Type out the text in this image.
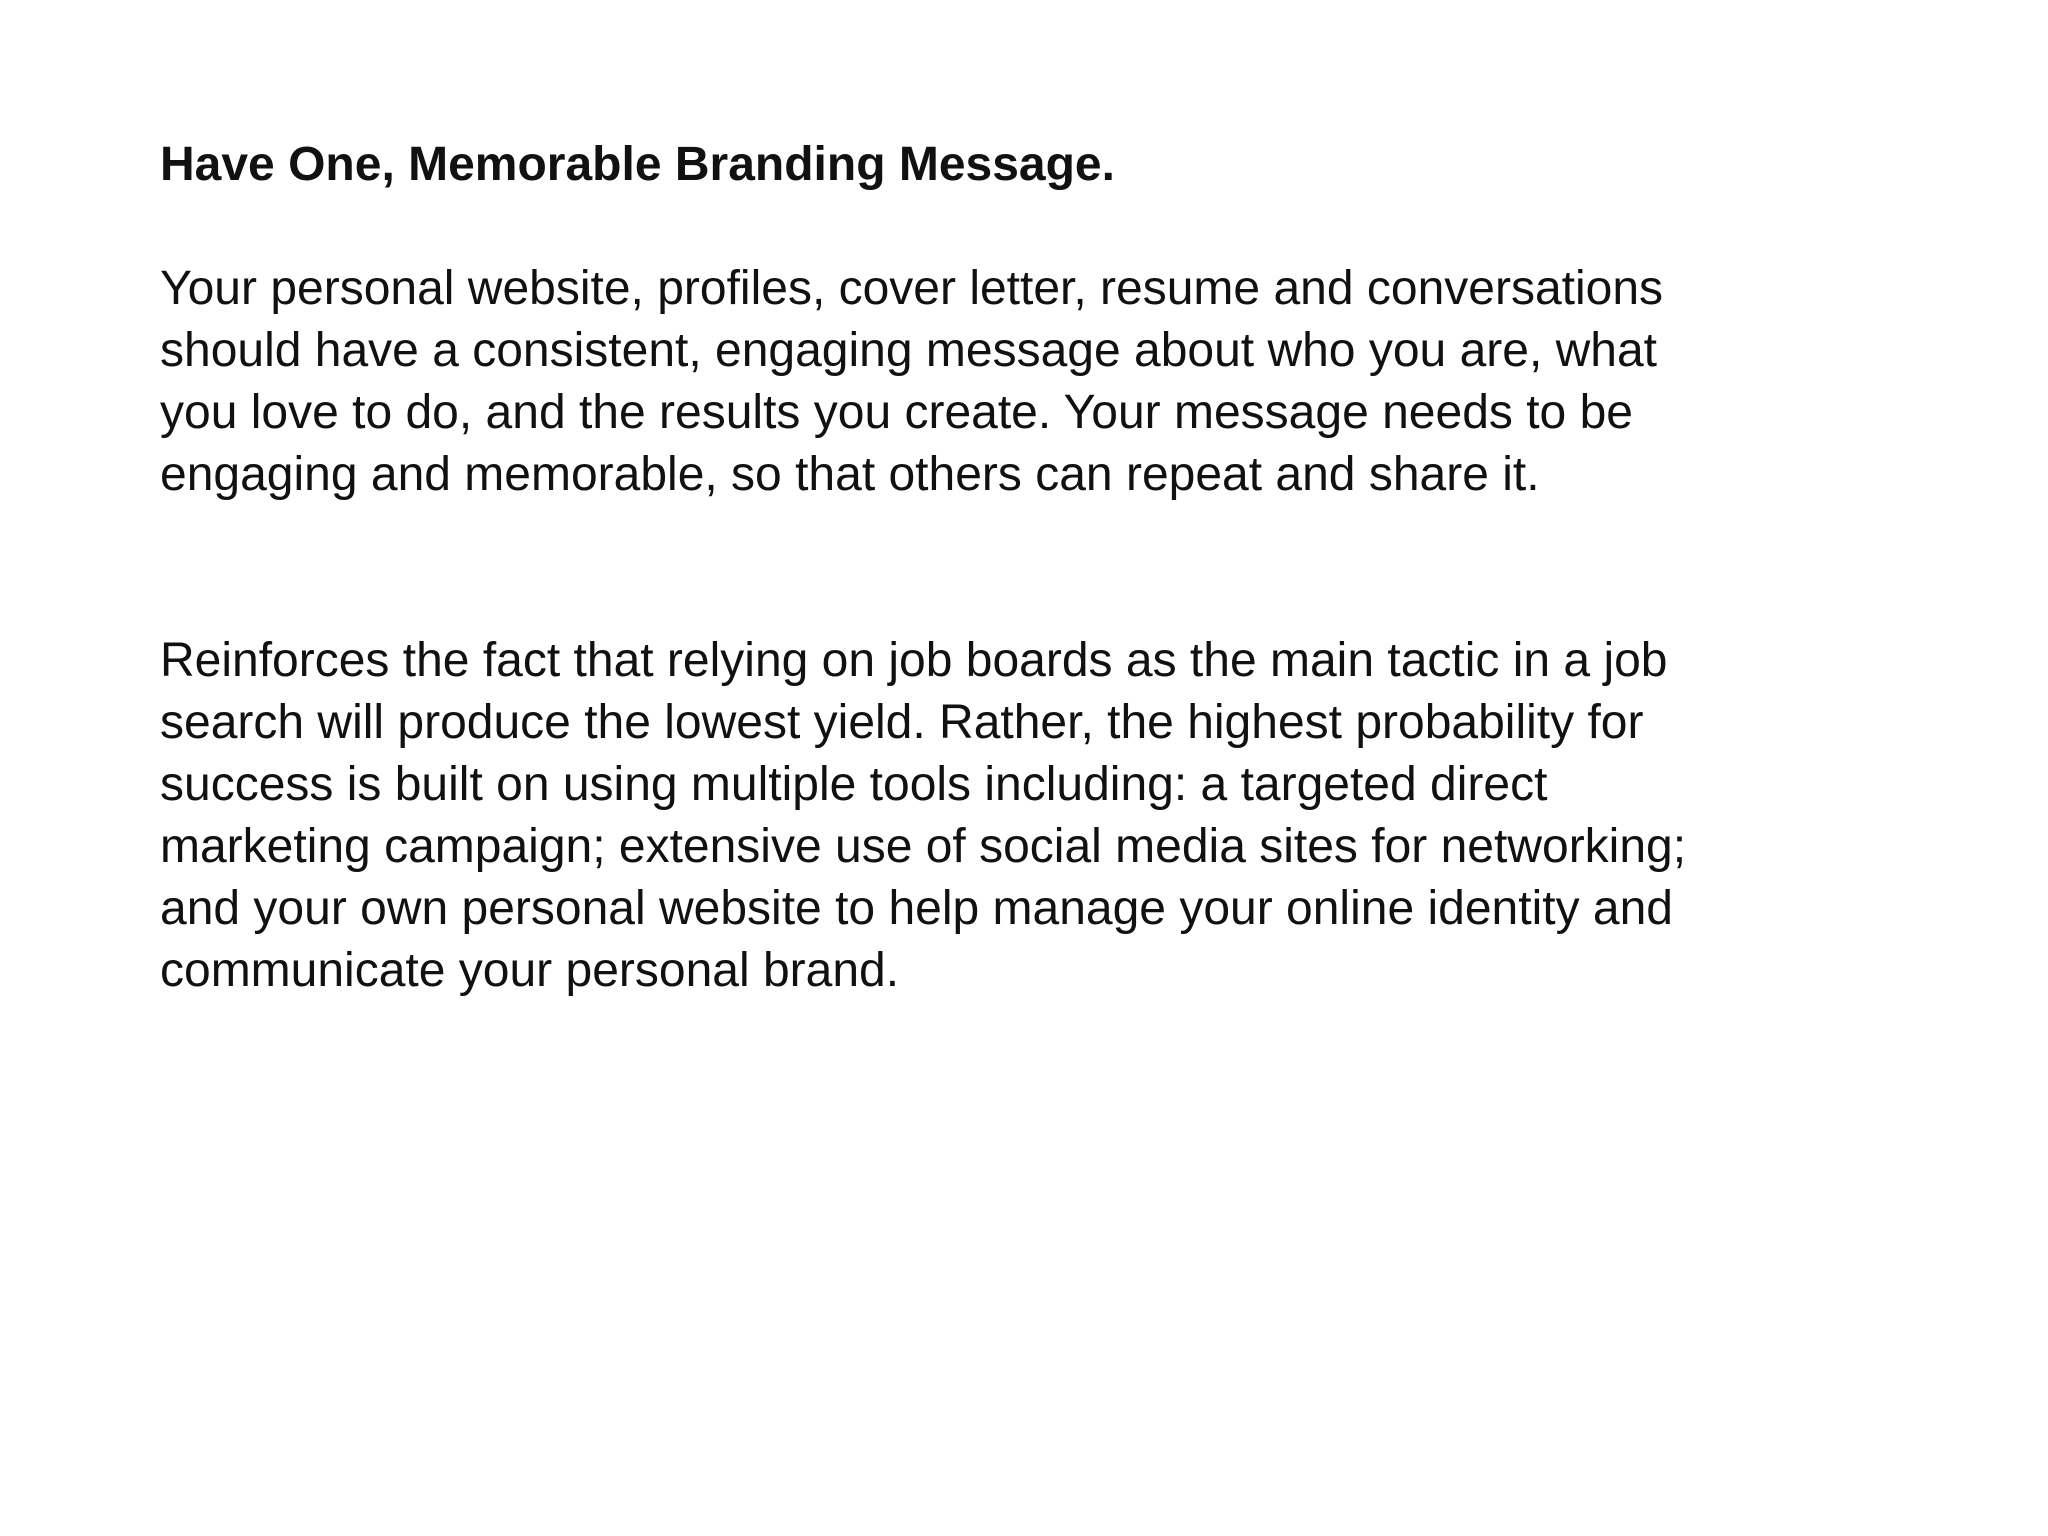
Have One, Memorable Branding Message.

Your personal website, profiles, cover letter, resume and conversations
should have a consistent, engaging message about who you are, what
you love to do, and the results you create. Your message needs to be
engaging and memorable, so that others can repeat and share it.

Reinforces the fact that relying on job boards as the main tactic in a job
search will produce the lowest yield. Rather, the highest probability for
success is built on using multiple tools including: a targeted direct
marketing campaign; extensive use of social media sites for networking;
and your own personal website to help manage your online identity and
communicate your personal brand.
